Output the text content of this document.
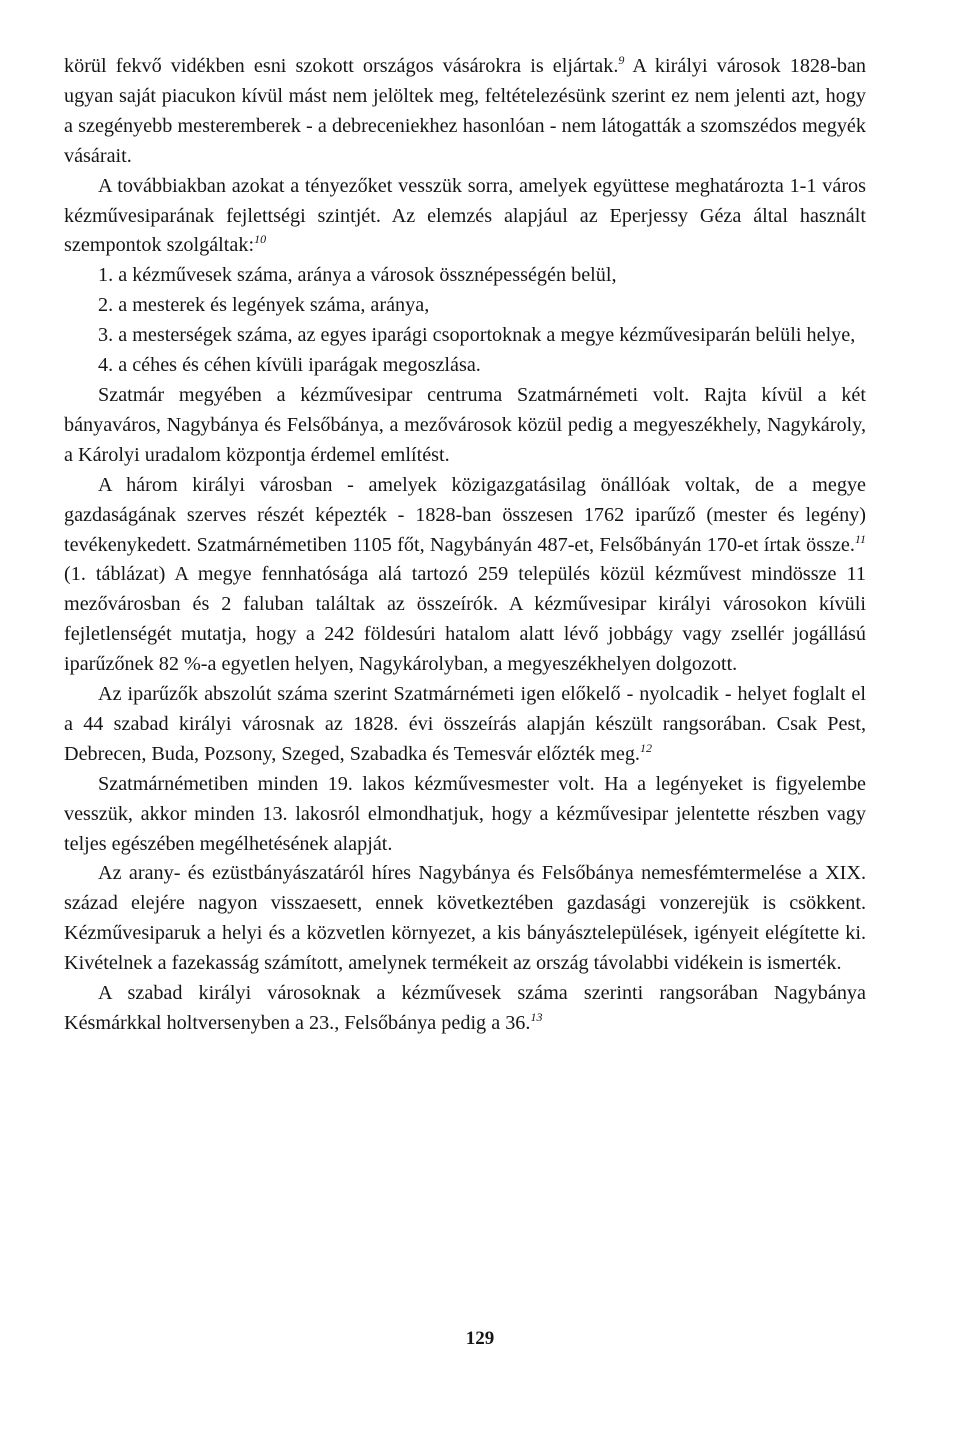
körül fekvő vidékben esni szokott országos vásárokra is eljártak.$^9$ A királyi városok 1828-ban ugyan saját piacukon kívül mást nem jelöltek meg, feltételezésünk szerint ez nem jelenti azt, hogy a szegényebb mesteremberek - a debreceniekhez hasonlóan - nem látogatták a szomszédos megyék vásárait.

A továbbiakban azokat a tényezőket vesszük sorra, amelyek együttese meghatározta 1-1 város kézművesiparának fejlettségi szintjét. Az elemzés alapjául az Eperjessy Géza által használt szempontok szolgáltak:$^{10}$

1. a kézművesek száma, aránya a városok össznépességén belül,

2. a mesterek és legények száma, aránya,

3. a mesterségek száma, az egyes iparági csoportoknak a megye kézművesiparán belüli helye,

4. a céhes és céhen kívüli iparágak megoszlása.

Szatmár megyében a kézművesipar centruma Szatmárnémeti volt. Rajta kívül a két bányaváros, Nagybánya és Felsőbánya, a mezővárosok közül pedig a megyeszékhely, Nagykároly, a Károlyi uradalom központja érdemel említést.

A három királyi városban - amelyek közigazgatásilag önállóak voltak, de a megye gazdaságának szerves részét képezték - 1828-ban összesen 1762 iparűző (mester és legény) tevékenykedett. Szatmárnémetiben 1105 főt, Nagybányán 487-et, Felsőbányán 170-et írtak össze.$^{11}$ (1. táblázat) A megye fennhatósága alá tartozó 259 település közül kézművest mindössze 11 mezővárosban és 2 faluban találtak az összeírók. A kézművesipar királyi városokon kívüli fejletlenségét mutatja, hogy a 242 földesúri hatalom alatt lévő jobbágy vagy zsellér jogállású iparűzőnek 82 %-a egyetlen helyen, Nagykárolyban, a megyeszékhelyen dolgozott.

Az iparűzők abszolút száma szerint Szatmárnémeti igen előkelő - nyolcadik - helyet foglalt el a 44 szabad királyi városnak az 1828. évi összeírás alapján készült rangsorában. Csak Pest, Debrecen, Buda, Pozsony, Szeged, Szabadka és Temesvár előzték meg.$^{12}$

Szatmárnémetiben minden 19. lakos kézművesmester volt. Ha a legényeket is figyelembe vesszük, akkor minden 13. lakosról elmondhatjuk, hogy a kézművesipar jelentette részben vagy teljes egészében megélhetésének alapját.

Az arany- és ezüstbányászatáról híres Nagybánya és Felsőbánya nemesfémtermelése a XIX. század elejére nagyon visszaesett, ennek következtében gazdasági vonzerejük is csökkent. Kézművesiparuk a helyi és a közvetlen környezet, a kis bányásztelepülések, igényeit elégítette ki. Kivételnek a fazekasság számított, amelynek termékeit az ország távolabbi vidékein is ismerték.

A szabad királyi városoknak a kézművesek száma szerinti rangsorában Nagybánya Késmárkkal holtversenyben a 23., Felsőbánya pedig a 36.13

129
